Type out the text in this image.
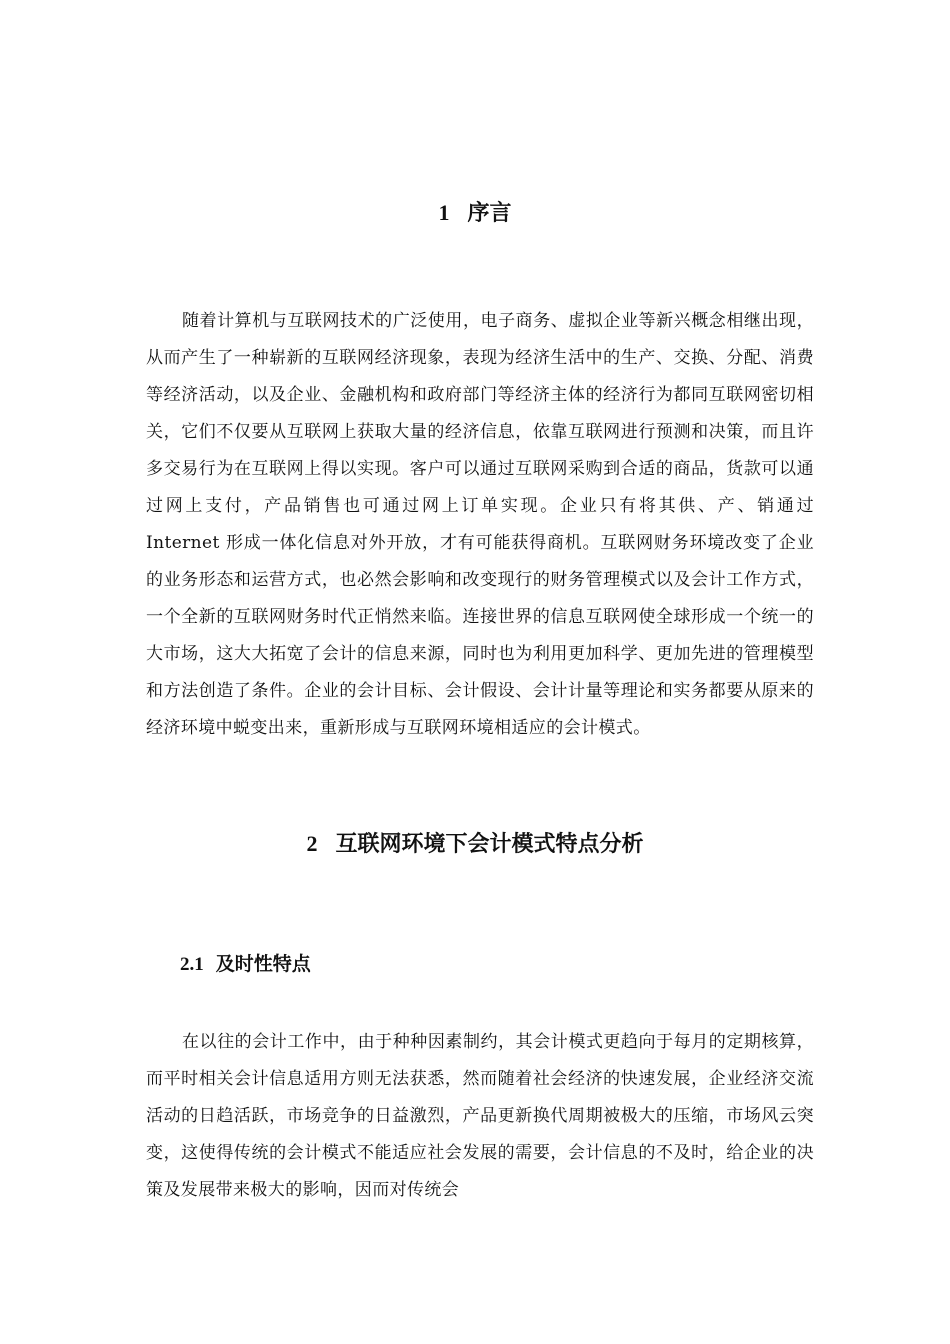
1 序言

随着计算机与互联网技术的广泛使用，电子商务、虚拟企业等新兴概念相继出现，从而产生了一种崭新的互联网经济现象，表现为经济生活中的生产、交换、分配、消费等经济活动，以及企业、金融机构和政府部门等经济主体的经济行为都同互联网密切相关，它们不仅要从互联网上获取大量的经济信息，依靠互联网进行预测和决策，而且许多交易行为在互联网上得以实现。客户可以通过互联网采购到合适的商品，货款可以通过网上支付，产品销售也可通过网上订单实现。企业只有将其供、产、销通过 Internet 形成一体化信息对外开放，才有可能获得商机。互联网财务环境改变了企业的业务形态和运营方式，也必然会影响和改变现行的财务管理模式以及会计工作方式，一个全新的互联网财务时代正悄然来临。连接世界的信息互联网使全球形成一个统一的大市场，这大大拓宽了会计的信息来源，同时也为利用更加科学、更加先进的管理模型和方法创造了条件。企业的会计目标、会计假设、会计计量等理论和实务都要从原来的经济环境中蜕变出来，重新形成与互联网环境相适应的会计模式。

2 互联网环境下会计模式特点分析
2.1 及时性特点

在以往的会计工作中，由于种种因素制约，其会计模式更趋向于每月的定期核算，而平时相关会计信息适用方则无法获悉，然而随着社会经济的快速发展，企业经济交流活动的日趋活跃，市场竞争的日益激烈，产品更新换代周期被极大的压缩，市场风云突变，这使得传统的会计模式不能适应社会发展的需要，会计信息的不及时，给企业的决策及发展带来极大的影响，因而对传统会
